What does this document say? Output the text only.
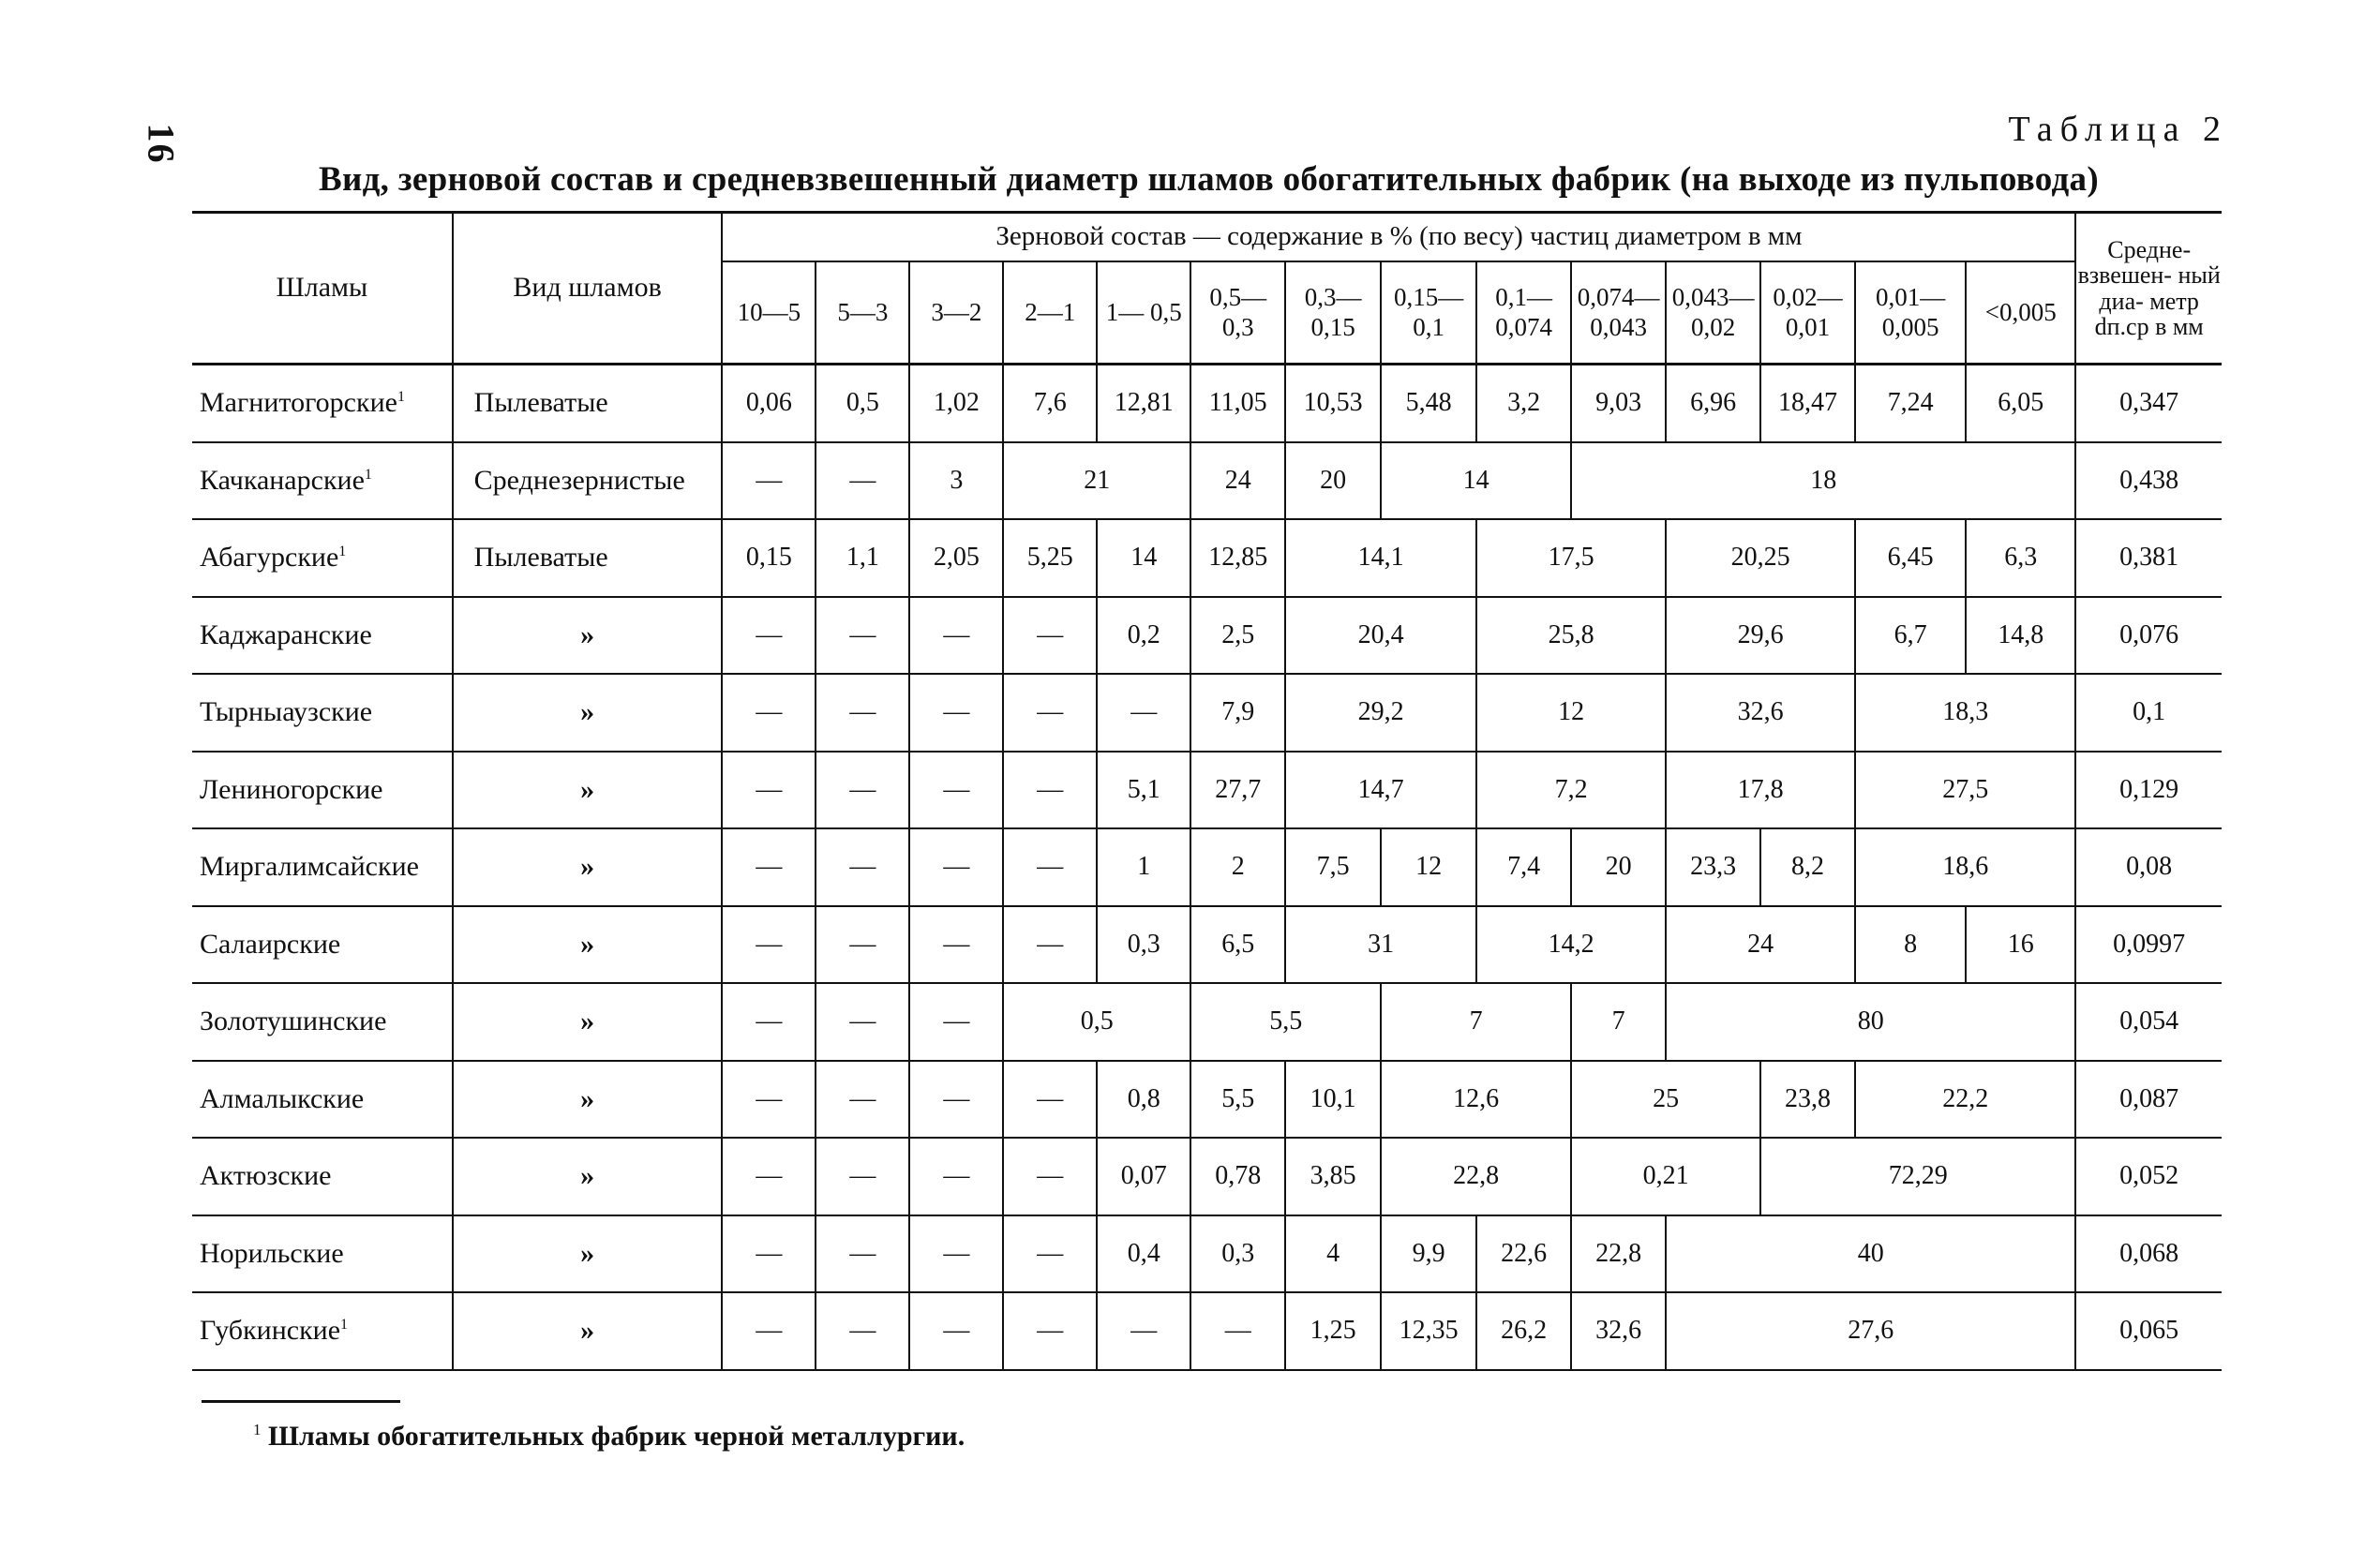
16	Таблица 2
Вид, зерновой состав и средневзвешенный диаметр шламов обогатительных фабрик (на выходе из пульповода)
Шламы	Вид шламов	Зерновой состав — содержание в % (по весу) частиц диаметром в мм														Средне- взвешен- ный диа- метр dп.ср в мм
		10—5	5—3	3—2	2—1	1— 0,5	0,5— 0,3	0,3— 0,15	0,15— 0,1	0,1— 0,074	0,074— 0,043	0,043— 0,02	0,02— 0,01	0,01— 0,005	<0,005	
Магнитогорские$^1$	Пылеватые	0,06	0,5	1,02	7,6	12,81	11,05	10,53	5,48	3,2	9,03	6,96	18,47	7,24	6,05	0,347
Качканарские$^1$	Среднезернистые	—	—	3	21		24	20	14		18					0,438
Абагурские$^1$	Пылеватые	0,15	1,1	2,05	5,25	14	12,85	14,1		17,5		20,25		6,45	6,3	0,381
Каджаранские	»	—	—	—	—	0,2	2,5	20,4		25,8		29,6		6,7	14,8	0,076
Тырныаузские	»	—	—	—	—	—	7,9	29,2		12		32,6		18,3		0,1
Лениногорские	»	—	—	—	—	5,1	27,7	14,7		7,2		17,8		27,5		0,129
Миргалимсайские	»	—	—	—	—	1	2	7,5	12	7,4	20	23,3	8,2	18,6		0,08
Салаирские	»	—	—	—	—	0,3	6,5	31		14,2		24		8	16	0,0997
Золотушинские	»	—	—	—	0,5		5,5		7		7	80				0,054
Алмалыкские	»	—	—	—	—	0,8	5,5	10,1	12,6		25		23,8	22,2		0,087
Актюзские	»	—	—	—	—	0,07	0,78	3,85	22,8		0,21		72,29			0,052
Норильские	»	—	—	—	—	0,4	0,3	4	9,9	22,6	22,8	40				0,068
Губкинские$^1$	»	—	—	—	—	—	—	1,25	12,35	26,2	32,6	27,6				0,065
$^1$ Шламы обогатительных фабрик черной металлургии.
